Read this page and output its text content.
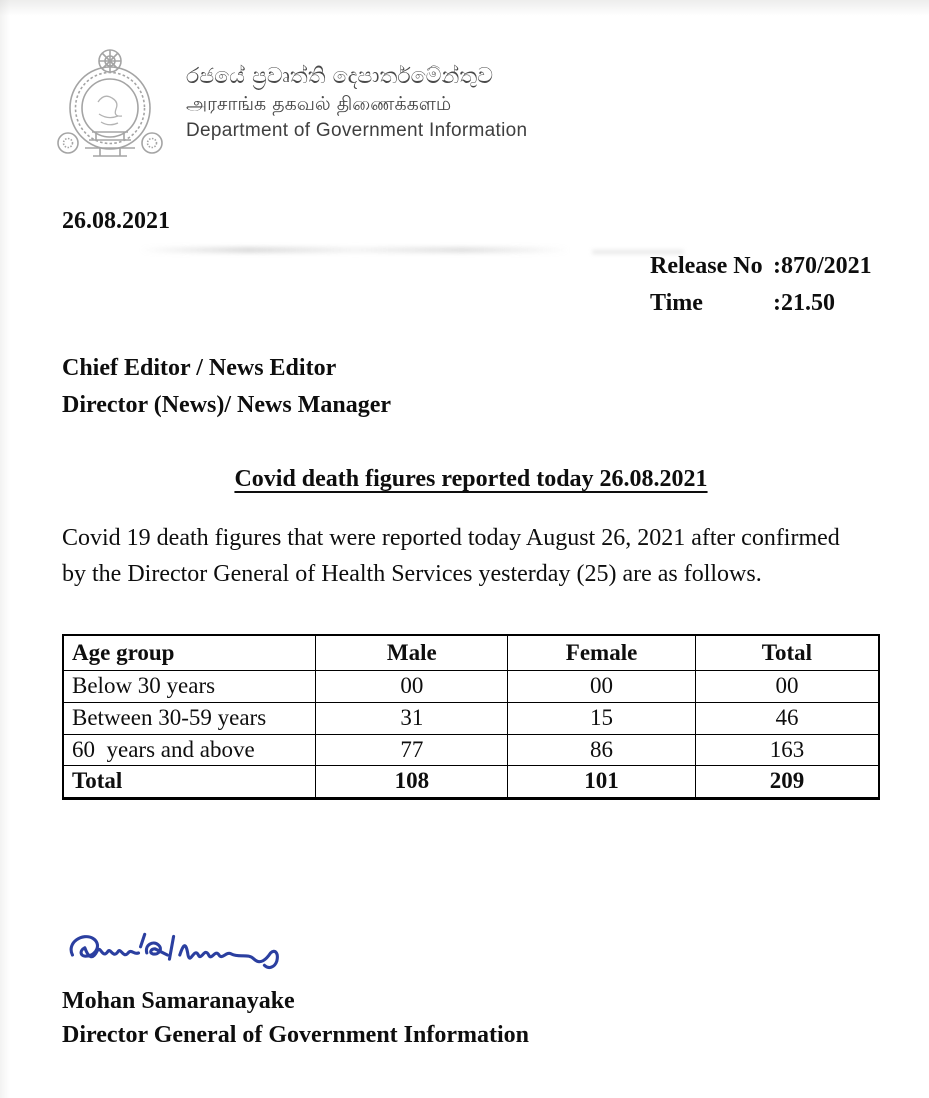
රජයේ ප්‍රවෘත්ති දෙපාර්තමේන්තුව
அரசாங்க தகவல் திணைக்களம்
Department of Government Information
26.08.2021
Release No :870/2021
Time	:21.50
Chief Editor / News Editor
Director (News)/ News Manager
Covid death figures reported today 26.08.2021
Covid 19 death figures that were reported today August 26, 2021 after confirmed
by the Director General of Health Services yesterday (25) are as follows.
Age group	Male	Female	Total
Below 30 years	00	00	00
Between 30-59 years	31	15	46
60  years and above	77	86	163
Total	108	101	209
Mohan Samaranayake
Director General of Government Information
